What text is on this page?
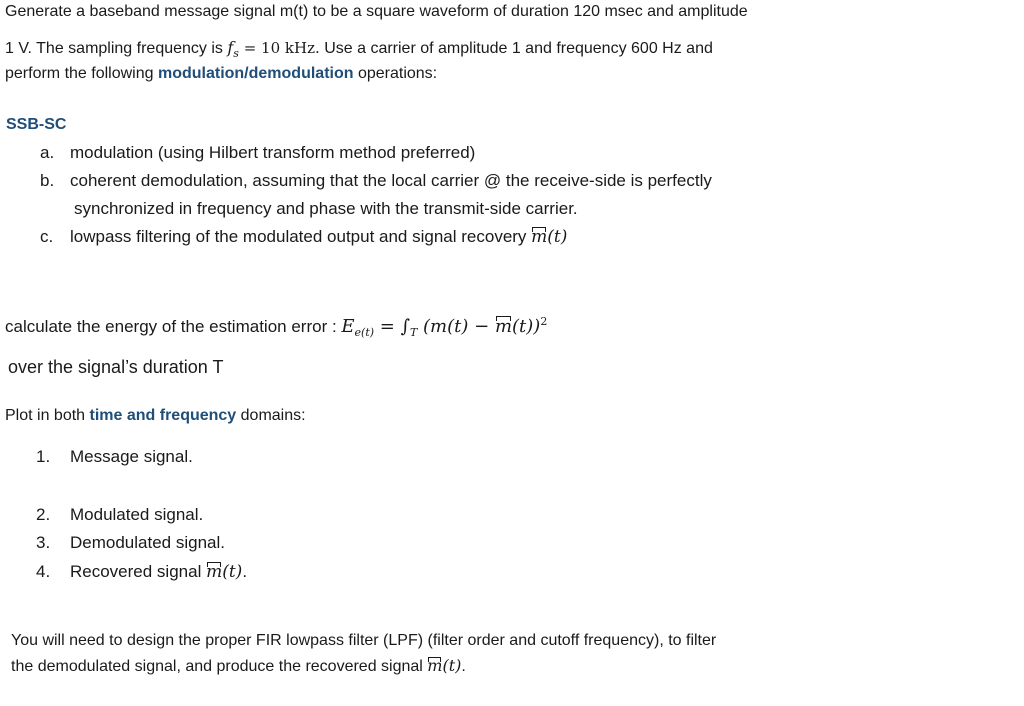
Generate a baseband message signal m(t) to be a square waveform of duration 120 msec and amplitude
1 V. The sampling frequency is $f_s = 10$ kHz. Use a carrier of amplitude 1 and frequency 600 Hz and
perform the following modulation/demodulation operations:
SSB-SC
a. modulation (using Hilbert transform method preferred)
b. coherent demodulation, assuming that the local carrier @ the receive-side is perfectly
synchronized in frequency and phase with the transmit-side carrier.
c. lowpass filtering of the modulated output and signal recovery m(t)
calculate the energy of the estimation error : $E_{e(t)} = \int_T$ $(m(t) - m(t))^2$
over the signal’s duration T
Plot in both time and frequency domains:
1. Message signal.
2. Modulated signal.
3. Demodulated signal.
4. Recovered signal m(t).
You will need to design the proper FIR lowpass filter (LPF) (filter order and cutoff frequency), to filter
the demodulated signal, and produce the recovered signal m(t).
